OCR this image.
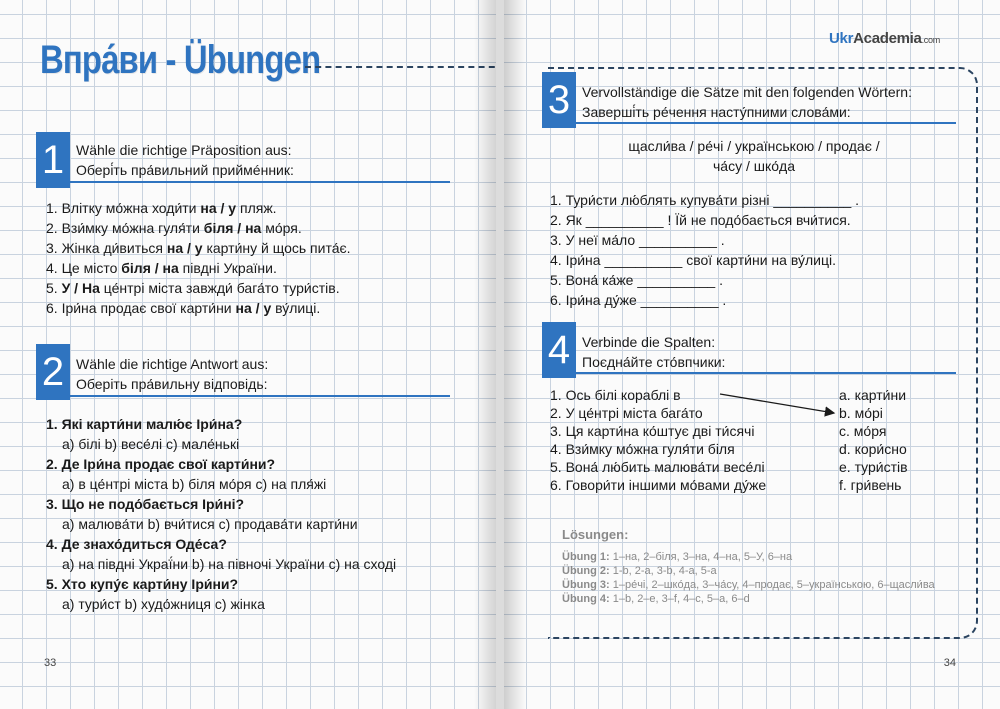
Впра́ви - Übungen
1 Wähle die richtige Präposition aus:
Обері́ть пра́вильний приймéнник:
1. Влітку мо́жна ходи́ти на / у пляж.
2. Взи́мку мо́жна гуля́ти біля / на мо́ря.
3. Жінка ди́виться на / у карти́ну й щось пита́є.
4. Це місто біля / на півдні України.
5. У / На це́нтрі міста завжди́ бага́то тури́стів.
6. Іри́на продає свої карти́ни на / у ву́лиці.
2 Wähle die richtige Antwort aus:
Оберіть пра́вильну відповідь:
1. Які карти́ни малю́є Іри́на?
a) білі b) весе́лі c) мале́нькі
2. Де Іри́на продає свої карти́ни?
a) в це́нтрі міста b) біля мо́ря c) на пля́жі
3. Що не подо́бається Іри́ні?
a) малюва́ти b) вчи́тися c) продава́ти карти́ни
4. Де знахо́диться Оде́са?
a) на півдні Украї́ни b) на півночі України c) на сході
5. Хто купу́є карти́ну Іри́ни?
a) тури́ст b) худо́жниця c) жінка
33
UkrAcademia.com
3 Vervollständige die Sätze mit den folgenden Wörtern:
Заверші́ть ре́чення насту́пними слова́ми:
щасли́ва / ре́чі / українською / продає /
ча́су / шко́да
1. Тури́сти лю́блять купува́ти різні __________ .
2. Як __________ ! Їй не подо́бається вчи́тися.
3. У неї ма́ло __________ .
4. Іри́на __________ свої карти́ни на ву́лиці.
5. Вона́ ка́же __________ .
6. Іри́на ду́же __________ .
4 Verbinde die Spalten:
Поєдна́йте сто́впчики:
1. Ось білі кораблі в
2. У це́нтрі міста бага́то
3. Ця карти́на ко́штує дві ти́сячі
4. Взи́мку мо́жна гуля́ти біля
5. Вона́ лю́бить малюва́ти весе́лі
6. Говори́ти іншими мо́вами ду́же
a. карти́ни
b. мо́рі
c. мо́ря
d. кори́сно
e. тури́стів
f. гри́вень
Lösungen:
Übung 1: 1–на, 2–біля, 3–на, 4–на, 5–У, 6–на
Übung 2: 1-b, 2-a, 3-b, 4-a, 5-a
Übung 3: 1–ре́чі, 2–шко́да, 3–ча́су, 4–продає, 5–українською, 6–щасли́ва
Übung 4: 1–b, 2–e, 3–f, 4–c, 5–a, 6–d
34
